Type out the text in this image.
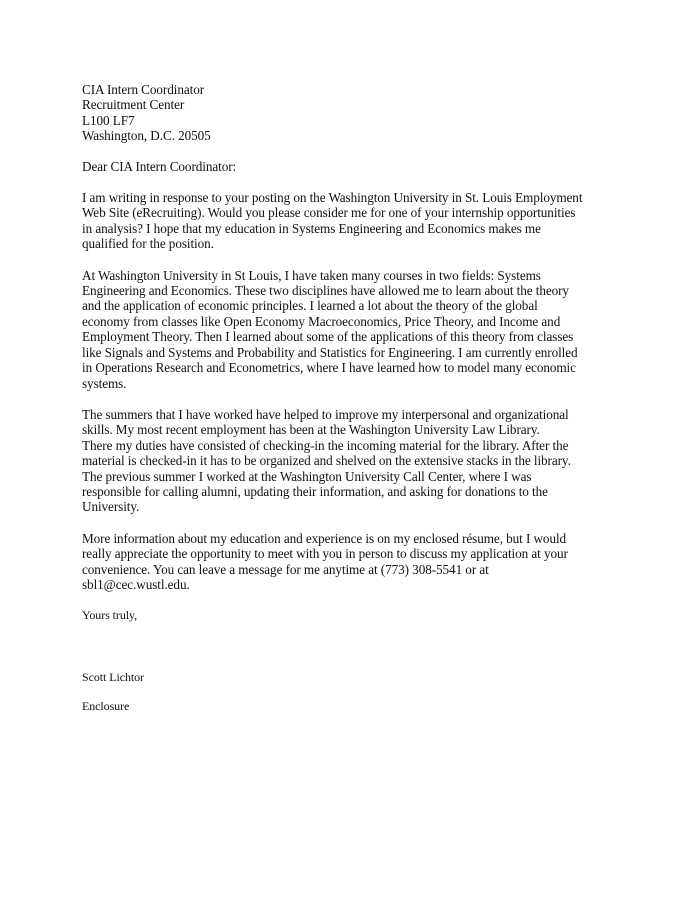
CIA Intern Coordinator
Recruitment Center
L100 LF7
Washington, D.C. 20505
Dear CIA Intern Coordinator:
I am writing in response to your posting on the Washington University in St. Louis Employment
Web Site (eRecruiting). Would you please consider me for one of your internship opportunities
in analysis? I hope that my education in Systems Engineering and Economics makes me
qualified for the position.
At Washington University in St Louis, I have taken many courses in two fields: Systems
Engineering and Economics. These two disciplines have allowed me to learn about the theory
and the application of economic principles. I learned a lot about the theory of the global
economy from classes like Open Economy Macroeconomics, Price Theory, and Income and
Employment Theory. Then I learned about some of the applications of this theory from classes
like Signals and Systems and Probability and Statistics for Engineering. I am currently enrolled
in Operations Research and Econometrics, where I have learned how to model many economic
systems.
The summers that I have worked have helped to improve my interpersonal and organizational
skills. My most recent employment has been at the Washington University Law Library.
There my duties have consisted of checking-in the incoming material for the library. After the
material is checked-in it has to be organized and shelved on the extensive stacks in the library.
The previous summer I worked at the Washington University Call Center, where I was
responsible for calling alumni, updating their information, and asking for donations to the
University.
More information about my education and experience is on my enclosed résume, but I would
really appreciate the opportunity to meet with you in person to discuss my application at your
convenience. You can leave a message for me anytime at (773) 308-5541 or at
sbl1@cec.wustl.edu.
Yours truly,
Scott Lichtor
Enclosure
